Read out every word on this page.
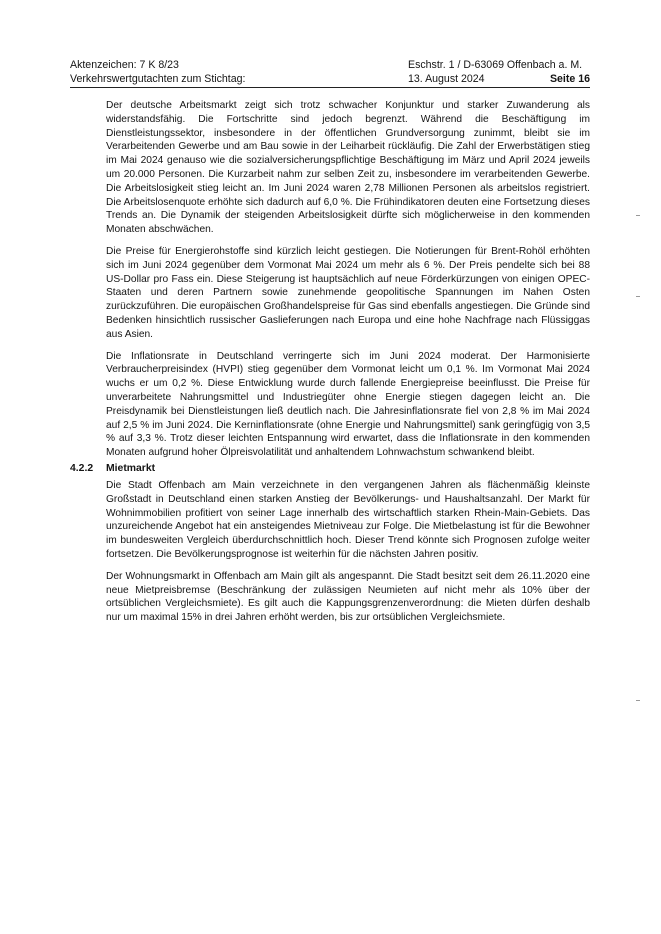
Aktenzeichen: 7 K 8/23	Eschstr. 1 / D-63069 Offenbach a. M.
Verkehrswertgutachten zum Stichtag:	13. August 2024	Seite 16

Der deutsche Arbeitsmarkt zeigt sich trotz schwacher Konjunktur und starker Zuwanderung als widerstandsfähig. Die Fortschritte sind jedoch begrenzt. Während die Beschäftigung im Dienstleistungssektor, insbesondere in der öffentlichen Grundversorgung zunimmt, bleibt sie im Verarbeitenden Gewerbe und am Bau sowie in der Leiharbeit rückläufig. Die Zahl der Erwerbstätigen stieg im Mai 2024 genauso wie die sozialversicherungspflichtige Beschäftigung im März und April 2024 jeweils um 20.000 Personen. Die Kurzarbeit nahm zur selben Zeit zu, insbesondere im verarbeitenden Gewerbe. Die Arbeitslosigkeit stieg leicht an. Im Juni 2024 waren 2,78 Millionen Personen als arbeitslos registriert. Die Arbeitslosenquote erhöhte sich dadurch auf 6,0 %. Die Frühindikatoren deuten eine Fortsetzung dieses Trends an. Die Dynamik der steigenden Arbeitslosigkeit dürfte sich möglicherweise in den kommenden Monaten abschwächen.

Die Preise für Energierohstoffe sind kürzlich leicht gestiegen. Die Notierungen für Brent-Rohöl erhöhten sich im Juni 2024 gegenüber dem Vormonat Mai 2024 um mehr als 6 %. Der Preis pendelte sich bei 88 US-Dollar pro Fass ein. Diese Steigerung ist hauptsächlich auf neue Förderkürzungen von einigen OPEC-Staaten und deren Partnern sowie zunehmende geopolitische Spannungen im Nahen Osten zurückzuführen. Die europäischen Großhandelspreise für Gas sind ebenfalls angestiegen. Die Gründe sind Bedenken hinsichtlich russischer Gaslieferungen nach Europa und eine hohe Nachfrage nach Flüssiggas aus Asien.

Die Inflationsrate in Deutschland verringerte sich im Juni 2024 moderat. Der Harmonisierte Verbraucherpreisindex (HVPI) stieg gegenüber dem Vormonat leicht um 0,1 %. Im Vormonat Mai 2024 wuchs er um 0,2 %. Diese Entwicklung wurde durch fallende Energiepreise beeinflusst. Die Preise für unverarbeitete Nahrungsmittel und Industriegüter ohne Energie stiegen dagegen leicht an. Die Preisdynamik bei Dienstleistungen ließ deutlich nach. Die Jahresinflationsrate fiel von 2,8 % im Mai 2024 auf 2,5 % im Juni 2024. Die Kerninflationsrate (ohne Energie und Nahrungsmittel) sank geringfügig von 3,5 % auf 3,3 %. Trotz dieser leichten Entspannung wird erwartet, dass die Inflationsrate in den kommenden Monaten aufgrund hoher Ölpreisvolatilität und anhaltendem Lohnwachstum schwankend bleibt.

4.2.2	Mietmarkt

Die Stadt Offenbach am Main verzeichnete in den vergangenen Jahren als flächenmäßig kleinste Großstadt in Deutschland einen starken Anstieg der Bevölkerungs- und Haushaltsanzahl. Der Markt für Wohnimmobilien profitiert von seiner Lage innerhalb des wirtschaftlich starken Rhein-Main-Gebiets. Das unzureichende Angebot hat ein ansteigendes Mietniveau zur Folge. Die Mietbelastung ist für die Bewohner im bundesweiten Vergleich überdurchschnittlich hoch. Dieser Trend könnte sich Prognosen zufolge weiter fortsetzen. Die Bevölkerungsprognose ist weiterhin für die nächsten Jahren positiv.

Der Wohnungsmarkt in Offenbach am Main gilt als angespannt. Die Stadt besitzt seit dem 26.11.2020 eine neue Mietpreisbremse (Beschränkung der zulässigen Neumieten auf nicht mehr als 10% über der ortsüblichen Vergleichsmiete). Es gilt auch die Kappungsgrenzenverordnung: die Mieten dürfen deshalb nur um maximal 15% in drei Jahren erhöht werden, bis zur ortsüblichen Vergleichsmiete.
